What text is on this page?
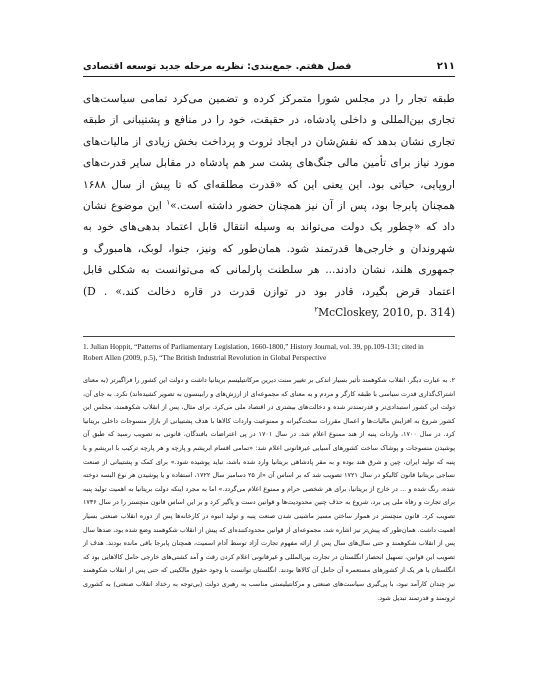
فصل هفتم. جمع‌بندی: نظریه مرحله جدید توسعه اقتصادی	۲۱۱

طبقه تجار را در مجلس شورا متمرکز کرده و تضمین می‌کرد تمامی سیاست‌های تجاری بین‌المللی و داخلی پادشاه، در حقیقت، خود را در منافع و پشتیبانی از طبقه تجاری نشان بدهد که نقش‌شان در ایجاد ثروت و پرداخت بخش زیادی از مالیات‌های مورد نیاز برای تأمین مالی جنگ‌های پشت سر هم پادشاه در مقابل سایر قدرت‌های اروپایی، حیاتی بود. این یعنی این که «قدرت مطلقه‌ای که تا پیش از سال ۱۶۸۸ همچنان پابرجا بود، پس از آن نیز همچنان حضور داشته است.»$^۱$ این موضوع نشان داد که «چطور یک دولت می‌تواند به وسیله انتقال قابل اعتماد بدهی‌های خود به شهروندان و خارجی‌ها قدرتمند شود. همان‌طور که ونیز، جنوا، لوبک، هامبورگ و جمهوری هلند، نشان دادند... هر سلطنت پارلمانی که می‌توانست به شکلی قابل اعتماد قرض بگیرد، قادر بود در توازن قدرت در قاره دخالت کند.» (D . McCloskey, 2010, p. 314)$^۲$

1. Julian Hoppit, “Patterns of Parliamentary Legislation, 1660-1800,” History Journal, vol. 39, pp.109-131; cited in

Robert Allen (2009, p.5), “The British Industrial Revolution in Global Perspective

۲. به عبارت دیگر، انقلاب شکوهمند تأثیر بسیار اندکی بر تغییر سنت دیرین مرکانتیلیسم بریتانیا داشت و دولت این کشور را فراگیرتر (به معنای اشتراک‌گذاری قدرت سیاسی با طبقه کارگر و مردم و به معنای که مجموعه‌ای از ارزش‌های و رابینسون به تصویر کشیده‌اند) نکرد. به جای آن، دولت این کشور استبدادی‌تر و قدرتمندتر شده و دخالت‌های بیشتری در اقتصاد ملی می‌کرد. برای مثال، پس از انقلاب شکوهمند، مجلس این کشور شروع به افزایش مالیات‌ها و اعمال مقررات سخت‌گیرانه و ممنوعیت واردات کالاها با هدف پشتیبانی از بازار منسوجات داخلی بریتانیا کرد. در سال ۱۷۰۰، واردات پنبه از هند ممنوع اعلام شد. در سال ۱۷۰۱ در پی اعتراضات بافندگان، قانونی به تصویب رسید که طبق آن پوشیدن منسوجات و پوشاک ساخت کشورهای آسیایی غیرقانونی اعلام شد: «تمامی اقسام ابریشم و پارچه و هر پارچه ترکیب با ابریشم و یا پنبه که تولید ایران، چین و شرق هند بوده و به مقر پادشاهی بریتانیا وارد شده باشد، نباید پوشیده شود.» برای کمک و پشتیبانی از صنعت نساجی بریتانیا قانون کالیکو در سال ۱۷۲۱ تصویب شد که بر اساس آن «از ۲۵ دسامبر سال ۱۷۲۲، استفاده و یا پوشیدن هر نوع البسه دوخته شده، رنگ شده و ... در خارج از بریتانیا، برای هر شخصی حرام و ممنوع اعلام می‌گردد.» اما به مجرد اینکه دولت بریتانیا به اهمیت تولید پنبه برای تجارت و رفاه ملی پی برد، شروع به حذف چنین محدودیت‌ها و قوانین دست و پاگیر کرد و بر این اساس قانون منچستر را در سال ۱۷۳۶ تصویب کرد. قانون منچستر در هموار ساختن مسیر ماشینی شدن صنعت پنبه و تولید انبوه در کارخانه‌ها پس از دوره انقلاب صنعتی بسیار اهمیت داشت. همان‌طور که پیش‌تر نیز اشاره شد، مجموعه‌ای از قوانین محدودکننده‌ای که پیش از انقلاب شکوهمند وضع شده بود، صدها سال پس از انقلاب شکوهمند و حتی سال‌های سال پس از ارائه مفهوم تجارت آزاد توسط آدام اسمیت، همچنان پابرجا باقی مانده بودند. هدف از تصویب این قوانین، تسهیل انحصار انگلستان در تجارت بین‌المللی و غیرقانونی اعلام کردن رقت و آمد کشتی‌های خارجی حامل کالاهایی بود که انگلستان یا هر یک از کشورهای مستعمره آن حامل آن کالاها بودند. انگلستان توانست با وجود حقوق مالکیتی که حتی پس از انقلاب شکوهمند نیز چندان کارآمد نبود، با پی‌گیری سیاست‌های صنعتی و مرکانتیلیستی مناسب به رهبری دولت (بی‌توجه به رخداد انقلاب صنعتی) به کشوری ثروتمند و قدرتمند تبدیل شود.
